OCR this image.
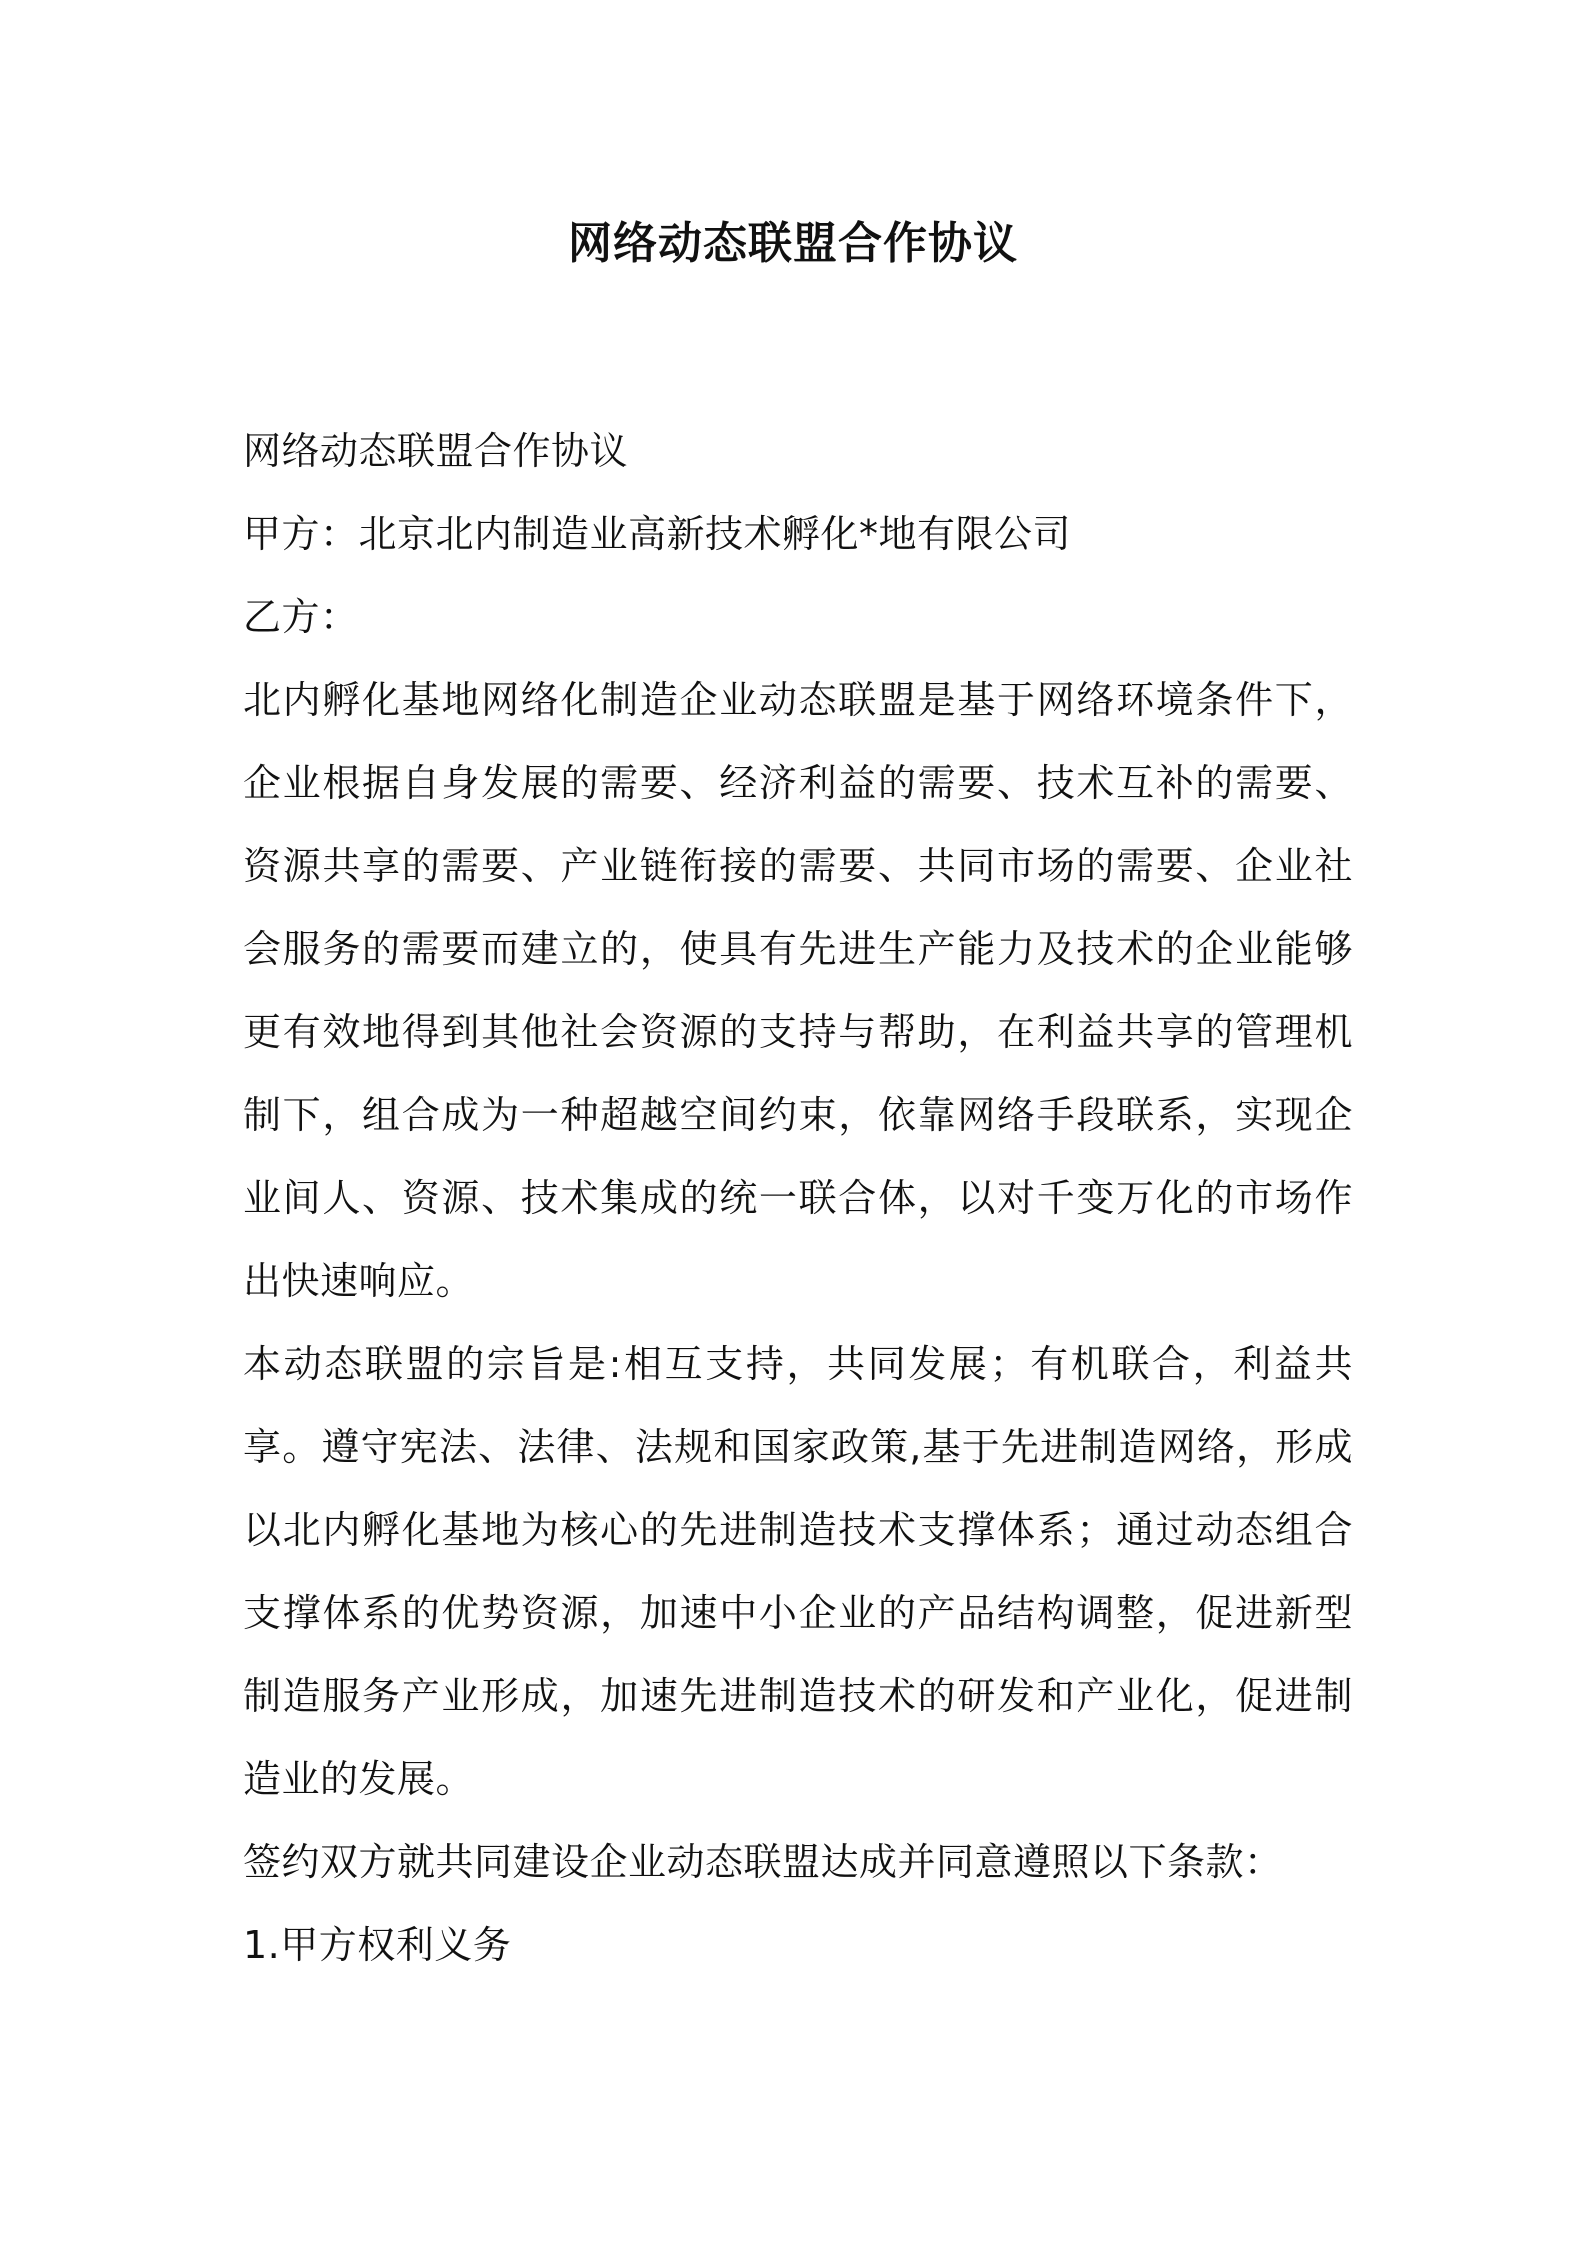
网络动态联盟合作协议

网络动态联盟合作协议

甲方：北京北内制造业高新技术孵化*地有限公司

乙方：

北内孵化基地网络化制造企业动态联盟是基于网络环境条件下，企业根据自身发展的需要、经济利益的需要、技术互补的需要、资源共享的需要、产业链衔接的需要、共同市场的需要、企业社会服务的需要而建立的，使具有先进生产能力及技术的企业能够更有效地得到其他社会资源的支持与帮助，在利益共享的管理机制下，组合成为一种超越空间约束，依靠网络手段联系，实现企业间人、资源、技术集成的统一联合体，以对千变万化的市场作出快速响应。

本动态联盟的宗旨是:相互支持，共同发展；有机联合，利益共享。遵守宪法、法律、法规和国家政策,基于先进制造网络，形成以北内孵化基地为核心的先进制造技术支撑体系；通过动态组合支撑体系的优势资源，加速中小企业的产品结构调整，促进新型制造服务产业形成，加速先进制造技术的研发和产业化，促进制造业的发展。

签约双方就共同建设企业动态联盟达成并同意遵照以下条款：

1.甲方权利义务
